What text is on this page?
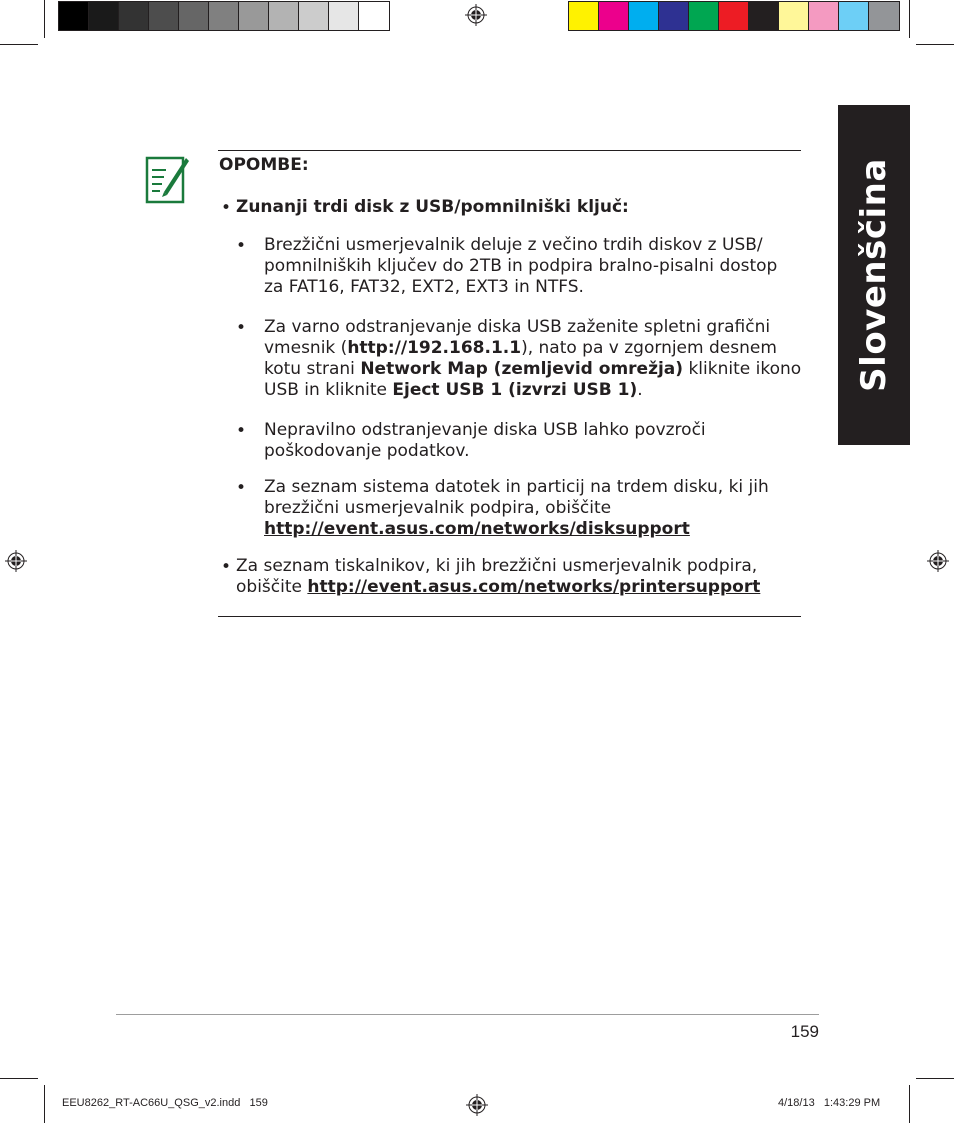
Slovenščina
OPOMBE:
• Zunanji trdi disk z USB/pomnilniški ključ:
• Brezžični usmerjevalnik deluje z večino trdih diskov z USB/ pomnilniških ključev do 2TB in podpira bralno-pisalni dostop za FAT16, FAT32, EXT2, EXT3 in NTFS.
• Za varno odstranjevanje diska USB zaženite spletni grafični vmesnik (http://192.168.1.1), nato pa v zgornjem desnem kotu strani Network Map (zemljevid omrežja) kliknite ikono USB in kliknite Eject USB 1 (izvrzi USB 1).
• Nepravilno odstranjevanje diska USB lahko povzroči poškodovanje podatkov.
• Za seznam sistema datotek in particij na trdem disku, ki jih brezžični usmerjevalnik podpira, obiščite http://event.asus.com/networks/disksupport
• Za seznam tiskalnikov, ki jih brezžični usmerjevalnik podpira, obiščite http://event.asus.com/networks/printersupport
159
EEU8262_RT-AC66U_QSG_v2.indd   159	4/18/13   1:43:29 PM
